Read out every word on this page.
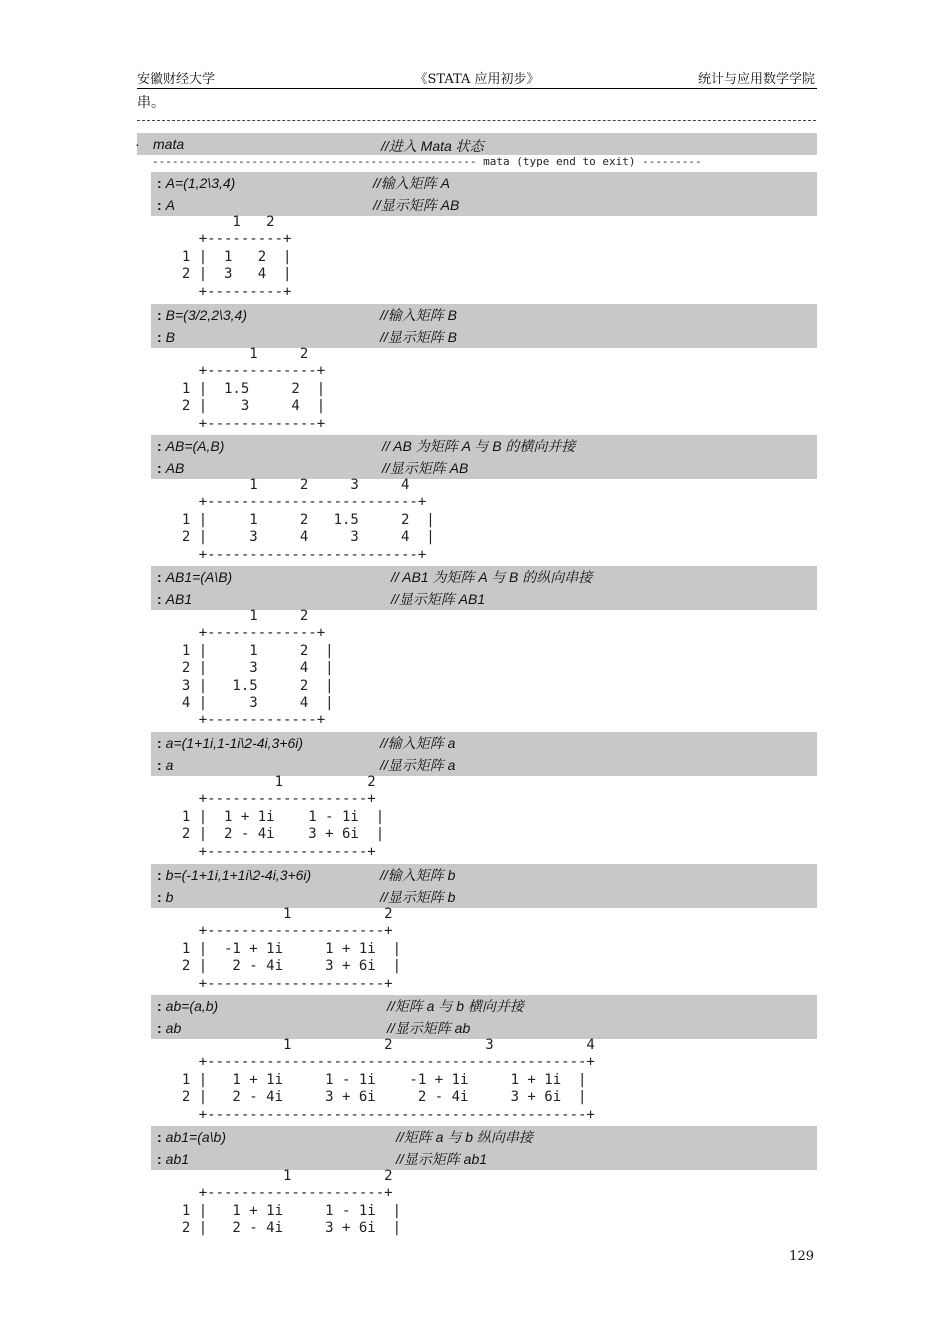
安徽财经大学	《STATA 应用初步》	统计与应用数学学院
串。
· mata	//进入 Mata 状态
------------------------------------------------- mata (type end to exit) ---------
: A=(1,2\3,4)	//输入矩阵 A
: A	//显示矩阵 AB
1   2
+---------+
1 |  1   2  |
2 |  3   4  |
+---------+
: B=(3/2,2\3,4)	//输入矩阵 B
: B	//显示矩阵 B
1     2
+-------------+
1 |  1.5     2  |
2 |    3     4  |
+-------------+
: AB=(A,B)	// AB 为矩阵 A 与 B 的横向并接
: AB	//显示矩阵 AB
1     2     3     4
+-------------------------+
1 |     1     2   1.5     2  |
2 |     3     4     3     4  |
+-------------------------+
: AB1=(A\B)	// AB1 为矩阵 A 与 B 的纵向串接
: AB1	//显示矩阵 AB1
1     2
+-------------+
1 |     1     2  |
2 |     3     4  |
3 |   1.5     2  |
4 |     3     4  |
+-------------+
: a=(1+1i,1-1i\2-4i,3+6i)	//输入矩阵 a
: a	//显示矩阵 a
1          2
+-------------------+
1 |  1 + 1i    1 - 1i  |
2 |  2 - 4i    3 + 6i  |
+-------------------+
: b=(-1+1i,1+1i\2-4i,3+6i)	//输入矩阵 b
: b	//显示矩阵 b
1           2
+---------------------+
1 |  -1 + 1i     1 + 1i  |
2 |   2 - 4i     3 + 6i  |
+---------------------+
: ab=(a,b)	//矩阵 a 与 b 横向并接
: ab	//显示矩阵 ab
1           2           3           4
+---------------------------------------------+
1 |   1 + 1i     1 - 1i    -1 + 1i     1 + 1i  |
2 |   2 - 4i     3 + 6i     2 - 4i     3 + 6i  |
+---------------------------------------------+
: ab1=(a\b)	//矩阵 a 与 b 纵向串接
: ab1	//显示矩阵 ab1
1           2
+---------------------+
1 |   1 + 1i     1 - 1i  |
2 |   2 - 4i     3 + 6i  |
129
